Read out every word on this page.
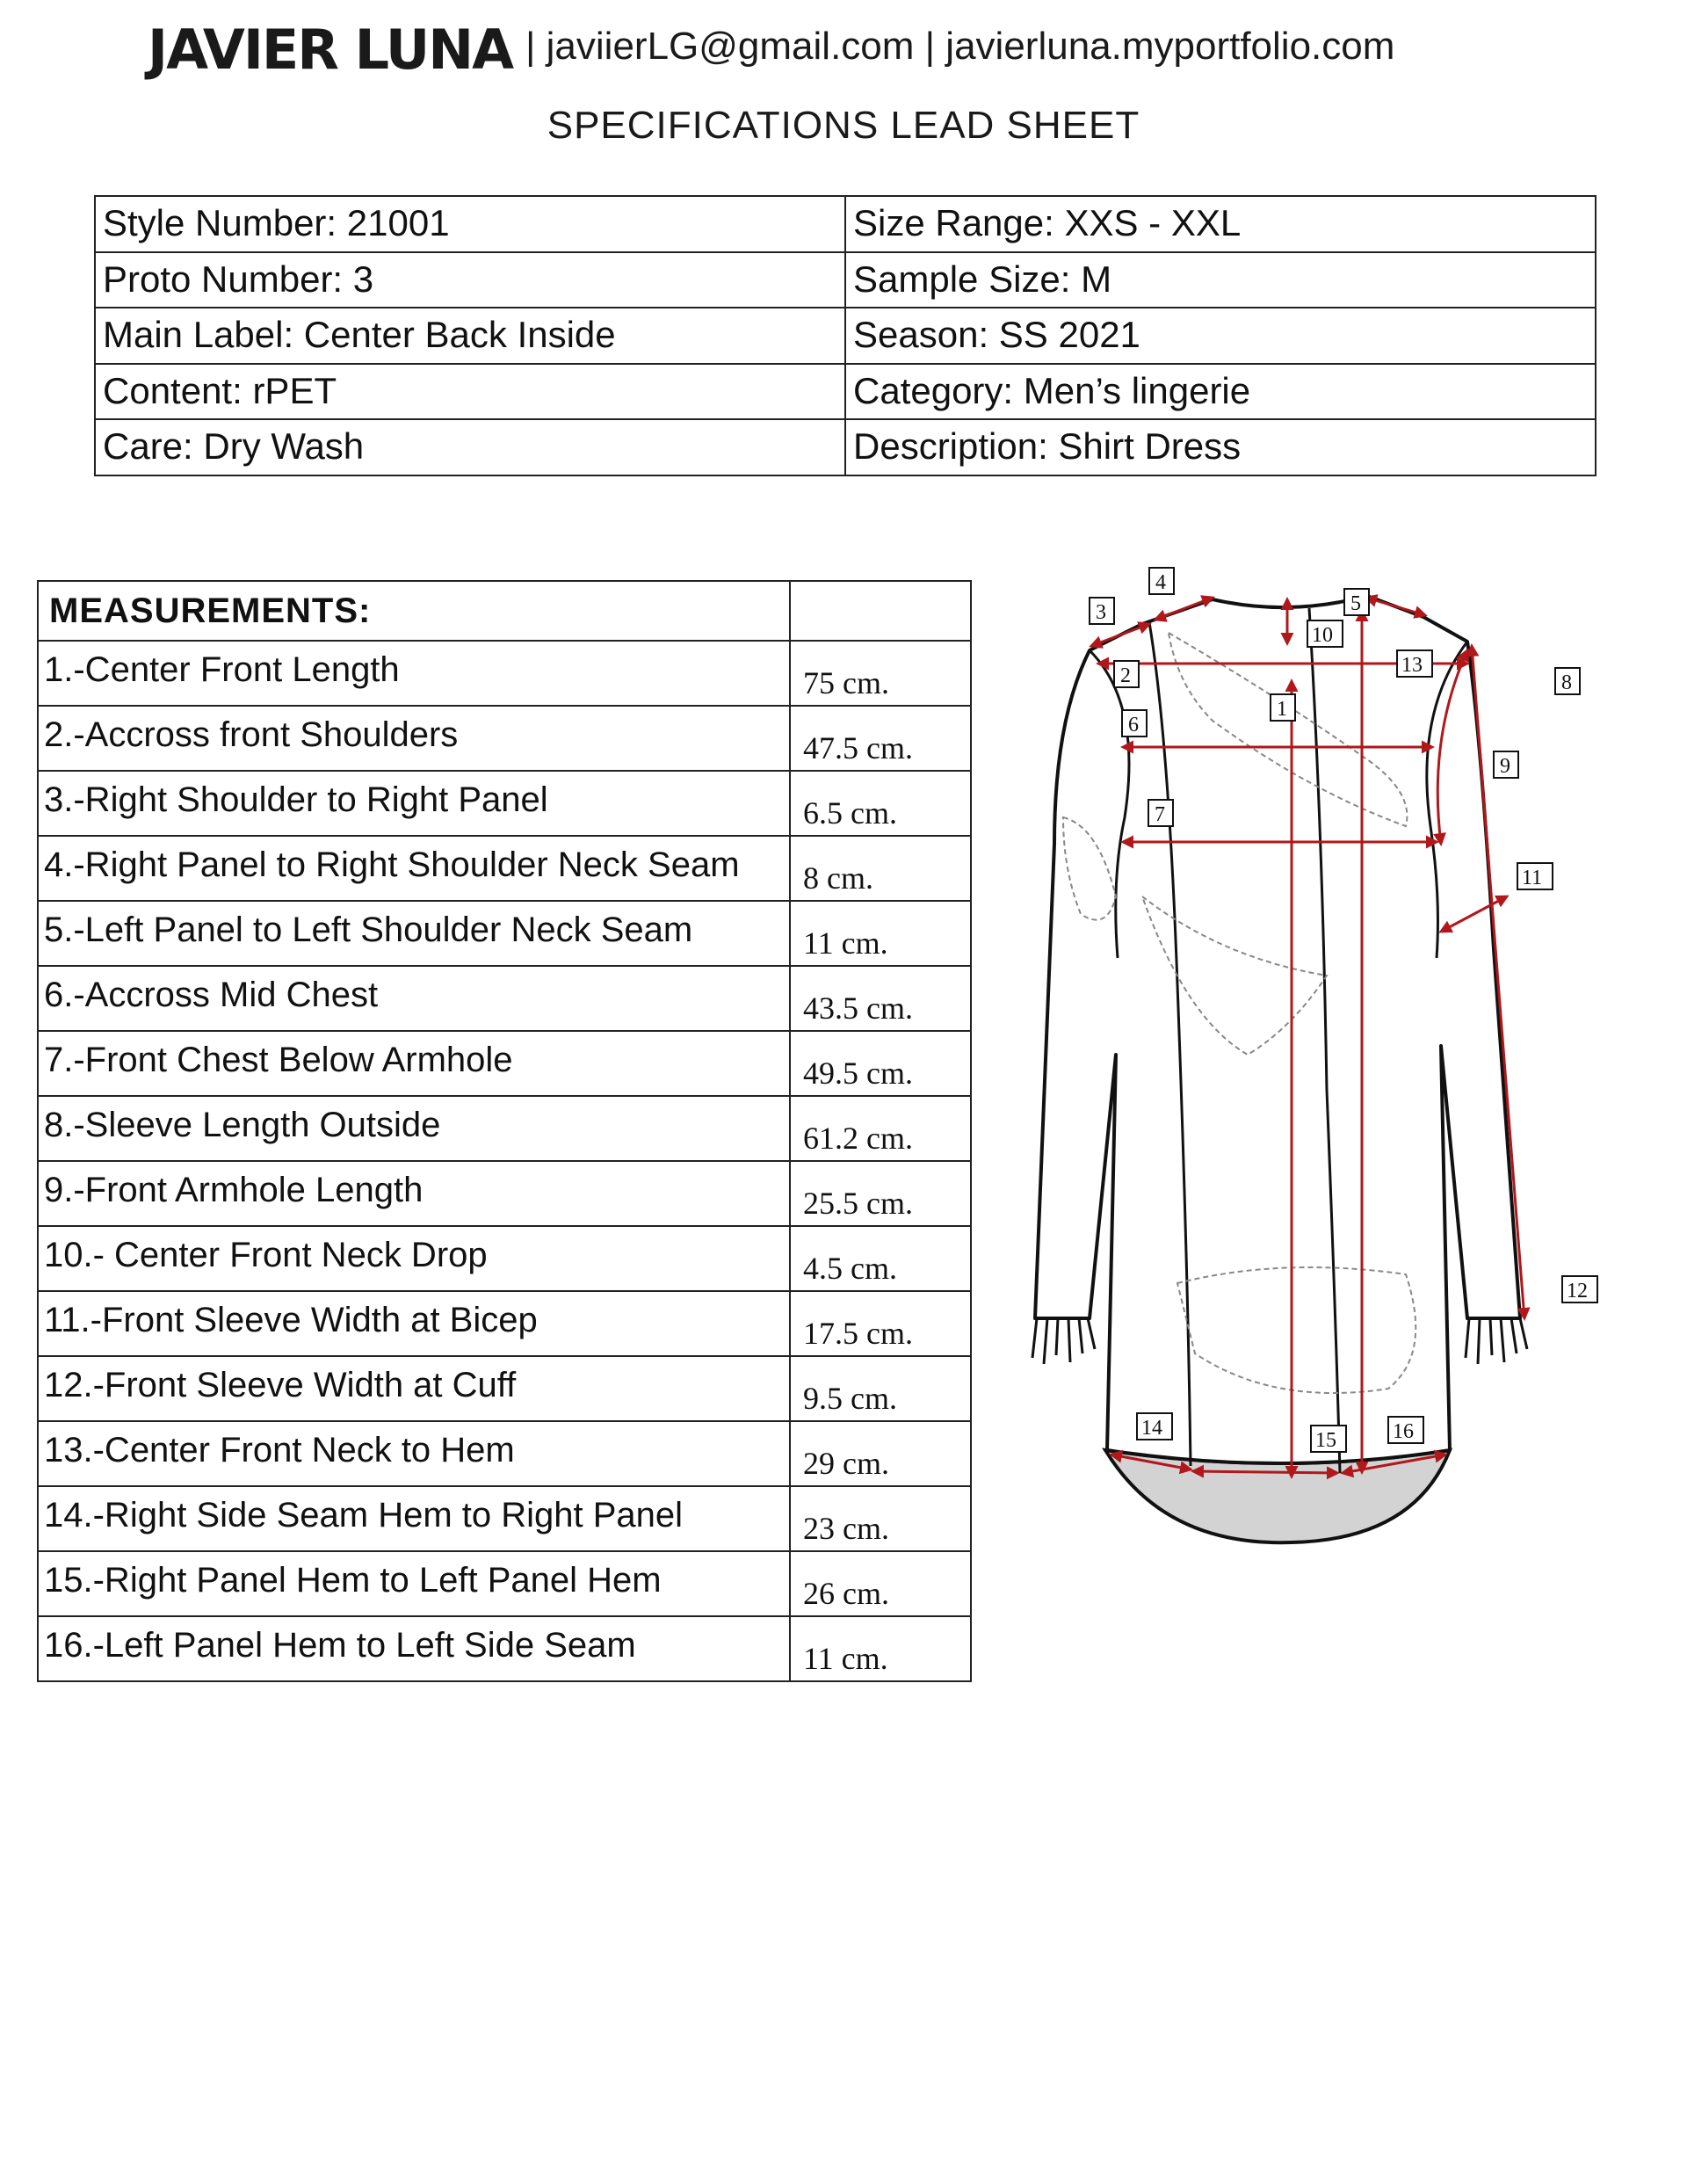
JAVIER LUNA | javiierLG@gmail.com | javierluna.myportfolio.com
SPECIFICATIONS LEAD SHEET
Style Number: 21001	Size Range: XXS - XXL
Proto Number: 3	Sample Size: M
Main Label: Center Back Inside	Season: SS 2021
Content: rPET	Category: Men’s lingerie
Care: Dry Wash	Description: Shirt Dress
MEASUREMENTS:	
1.-Center Front Length	75 cm.
2.-Accross front Shoulders	47.5 cm.
3.-Right Shoulder to Right Panel	6.5 cm.
4.-Right Panel to Right Shoulder Neck Seam	8 cm.
5.-Left Panel to Left Shoulder Neck Seam	11 cm.
6.-Accross Mid Chest	43.5 cm.
7.-Front Chest Below Armhole	49.5 cm.
8.-Sleeve Length Outside	61.2 cm.
9.-Front Armhole Length	25.5 cm.
10.- Center Front Neck Drop	4.5 cm.
11.-Front Sleeve Width at Bicep	17.5 cm.
12.-Front Sleeve Width at Cuff	9.5 cm.
13.-Center Front Neck to Hem	29 cm.
14.-Right Side Seam Hem to Right Panel	23 cm.
15.-Right Panel Hem to Left Panel Hem	26 cm.
16.-Left Panel Hem to Left Side Seam	11 cm.
1
2
3
4
5
6
7
8
9
10
11
12
13
14
15	16
